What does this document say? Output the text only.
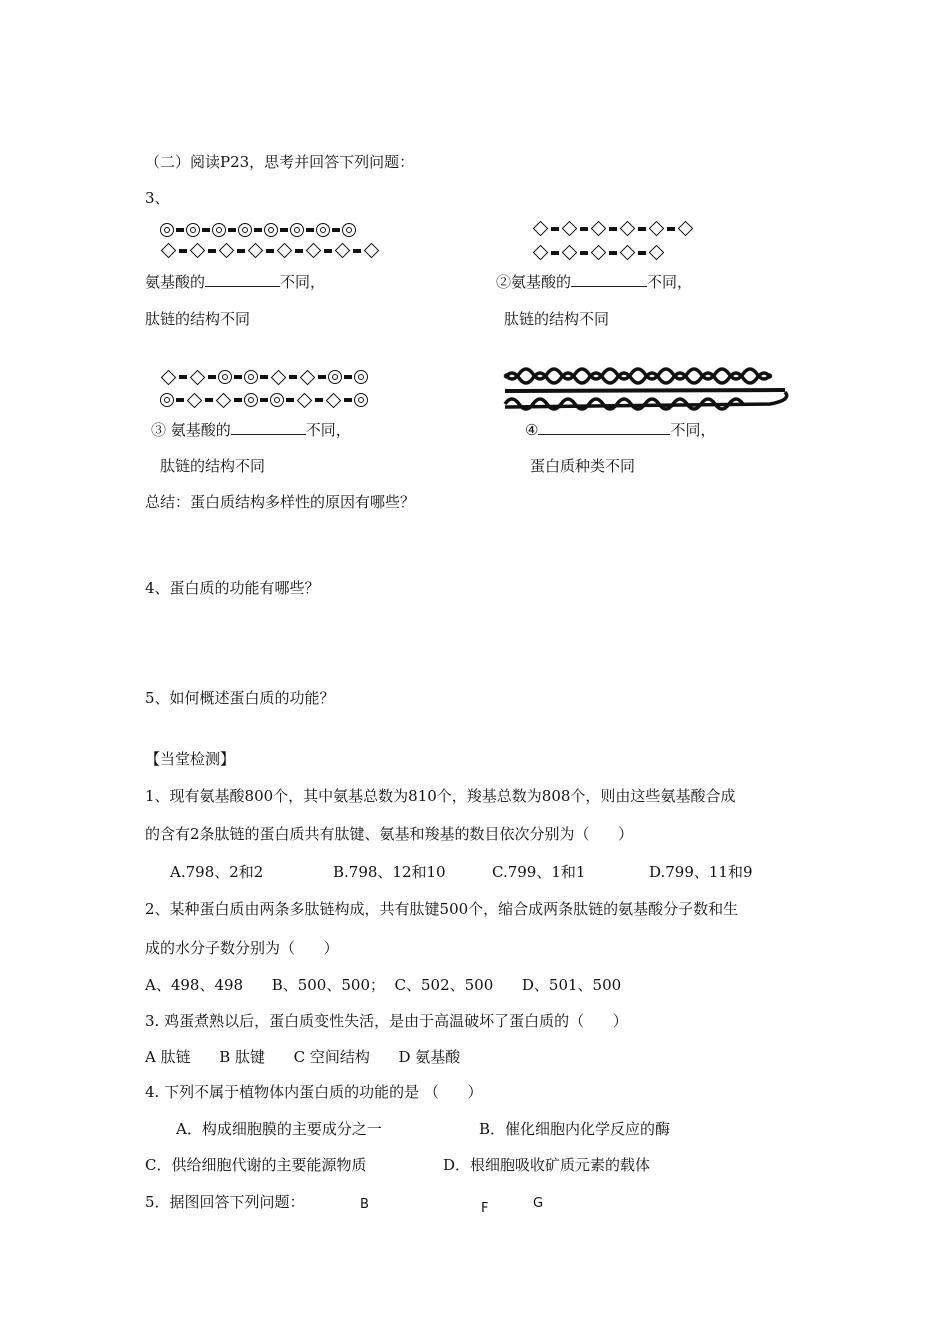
（二）阅读P23，思考并回答下列问题：
3、
氨基酸的	不同，
肽链的结构不同
②氨基酸的	不同，
肽链的结构不同
③ 氨基酸的	不同，
肽链的结构不同
④	不同，
蛋白质种类不同
总结：蛋白质结构多样性的原因有哪些？
4、蛋白质的功能有哪些？
5、如何概述蛋白质的功能？
【当堂检测】
1、现有氨基酸800个，其中氨基总数为810个，羧基总数为808个，则由这些氨基酸合成
的含有2条肽链的蛋白质共有肽键、氨基和羧基的数目依次分别为（      ）
A.798、2和2	B.798、12和10	C.799、1和1	D.799、11和9
2、某种蛋白质由两条多肽链构成，共有肽键500个，缩合成两条肽链的氨基酸分子数和生
成的水分子数分别为（      ）
A、498、498      B、500、500；  C、502、500      D、501、500
3. 鸡蛋煮熟以后，蛋白质变性失活，是由于高温破坏了蛋白质的（      ）
A 肽链      B 肽键      C 空间结构      D 氨基酸
4. 下列不属于植物体内蛋白质的功能的是 （      ）
A．构成细胞膜的主要成分之一	B．催化细胞内化学反应的酶
C．供给细胞代谢的主要能源物质	D．根细胞吸收矿质元素的载体
5．据图回答下列问题：	B	F	G
